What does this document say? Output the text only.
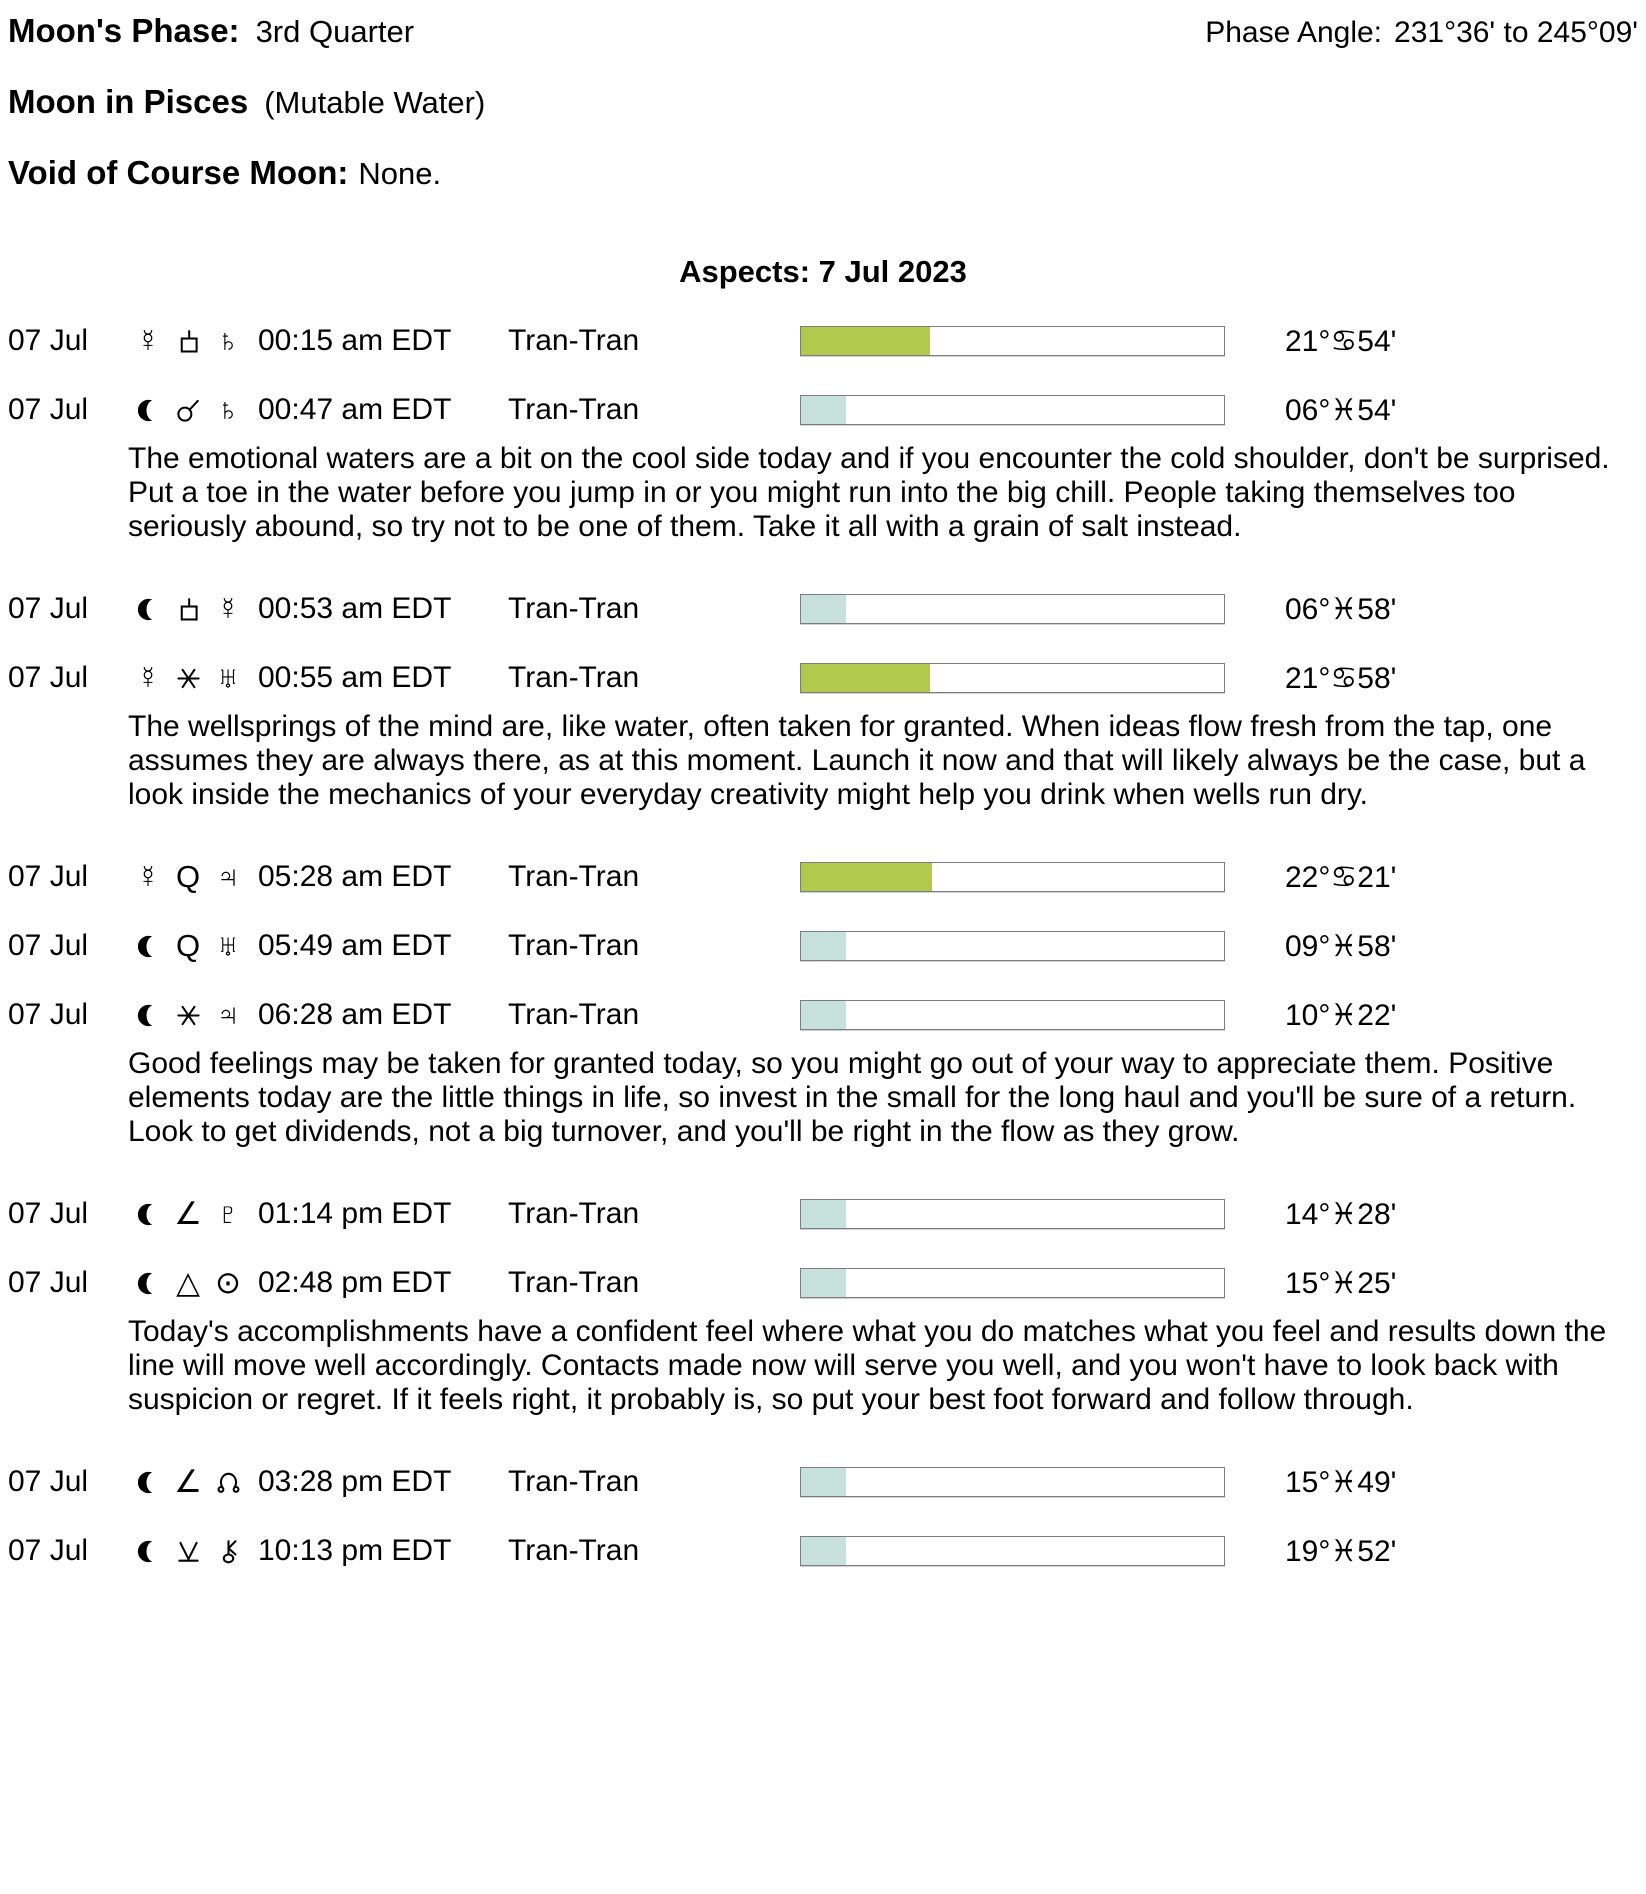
Moon's Phase: 3rd Quarter	Phase Angle: 231°36' to 245°09'
Moon in Pisces (Mutable Water)
Void of Course Moon: None.
Aspects: 7 Jul 2023
07 Jul	☿ ♄ 00:15 am EDT	Tran-Tran	21°♋54'
07 Jul	♄ 00:47 am EDT	Tran-Tran	06°♓54'
The emotional waters are a bit on the cool side today and if you encounter the cold shoulder, don't be surprised. Put a toe in the water before you jump in or you might run into the big chill. People taking themselves too seriously abound, so try not to be one of them. Take it all with a grain of salt instead.
07 Jul	☿ 00:53 am EDT	Tran-Tran	06°♓58'
07 Jul	☿ ♅ 00:55 am EDT	Tran-Tran	21°♋58'
The wellsprings of the mind are, like water, often taken for granted. When ideas flow fresh from the tap, one assumes they are always there, as at this moment. Launch it now and that will likely always be the case, but a look inside the mechanics of your everyday creativity might help you drink when wells run dry.
07 Jul	☿ Q ♃ 05:28 am EDT	Tran-Tran	22°♋21'
07 Jul	Q ♅ 05:49 am EDT	Tran-Tran	09°♓58'
07 Jul	♃ 06:28 am EDT	Tran-Tran	10°♓22'
Good feelings may be taken for granted today, so you might go out of your way to appreciate them. Positive elements today are the little things in life, so invest in the small for the long haul and you'll be sure of a return. Look to get dividends, not a big turnover, and you'll be right in the flow as they grow.
07 Jul	∠ ♇ 01:14 pm EDT	Tran-Tran	14°♓28'
07 Jul	△ ⊙ 02:48 pm EDT	Tran-Tran	15°♓25'
Today's accomplishments have a confident feel where what you do matches what you feel and results down the line will move well accordingly. Contacts made now will serve you well, and you won't have to look back with suspicion or regret. If it feels right, it probably is, so put your best foot forward and follow through.
07 Jul	∠ 03:28 pm EDT	Tran-Tran	15°♓49'
07 Jul	10:13 pm EDT	Tran-Tran	19°♓52'
